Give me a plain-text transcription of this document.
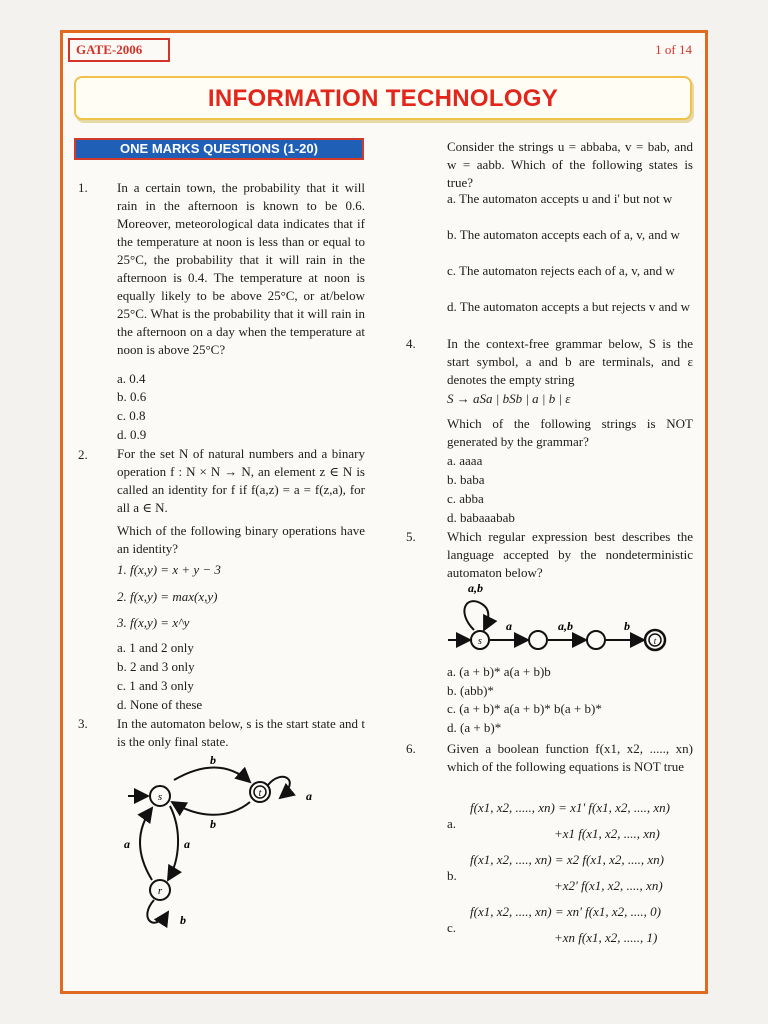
GATE-2006	1 of 14
INFORMATION TECHNOLOGY
ONE MARKS QUESTIONS (1-20)
1. In a certain town, the probability that it will rain in the afternoon is known to be 0.6. Moreover, meteorological data indicates that if the temperature at noon is less than or equal to 25°C, the probability that it will rain in the afternoon is 0.4. The temperature at noon is equally likely to be above 25°C, or at/below 25°C. What is the probability that it will rain in the afternoon on a day when the temperature at noon is above 25°C?
a. 0.4
b. 0.6
c. 0.8
d. 0.9
2. For the set N of natural numbers and a binary operation f : N × N → N, an element z ∈ N is called an identity for f if f(a,z) = a = f(z,a), for all a ∈ N.
Which of the following binary operations have an identity?
1. f(x,y) = x + y − 3
2. f(x,y) = max(x,y)
3. f(x,y) = x^y
a. 1 and 2 only
b. 2 and 3 only
c. 1 and 3 only
d. None of these
3. In the automaton below, s is the start state and t is the only final state.
s	t	a
b
b
r
a	a
b
Consider the strings u = abbaba, v = bab, and w = aabb. Which of the following states is true?
a. The automaton accepts u and i' but not w
b. The automaton accepts each of a, v, and w
c. The automaton rejects each of a, v, and w
d. The automaton accepts a but rejects v and w
4. In the context-free grammar below, S is the start symbol, a and b are terminals, and ε denotes the empty string
S → aSa | bSb | a | b | ε
Which of the following strings is NOT generated by the grammar?
a. aaaa
b. baba
c. abba
d. babaaabab
5. Which regular expression best describes the language accepted by the nondeterministic automaton below?
a,b
s
a	a,b	b
t
a. (a + b)* a(a + b)b
b. (abb)*
c. (a + b)* a(a + b)* b(a + b)*
d. (a + b)*
6. Given a boolean function f(x1, x2, ....., xn) which of the following equations is NOT true
a.
f(x1, x2, ....., xn) = x1' f(x1, x2, ...., xn)
+x1 f(x1, x2, ...., xn)
b.
f(x1, x2, ...., xn) = x2 f(x1, x2, ...., xn)
+x2' f(x1, x2, ...., xn)
c.
f(x1, x2, ...., xn) = xn' f(x1, x2, ...., 0)
+xn f(x1, x2, ....., 1)
